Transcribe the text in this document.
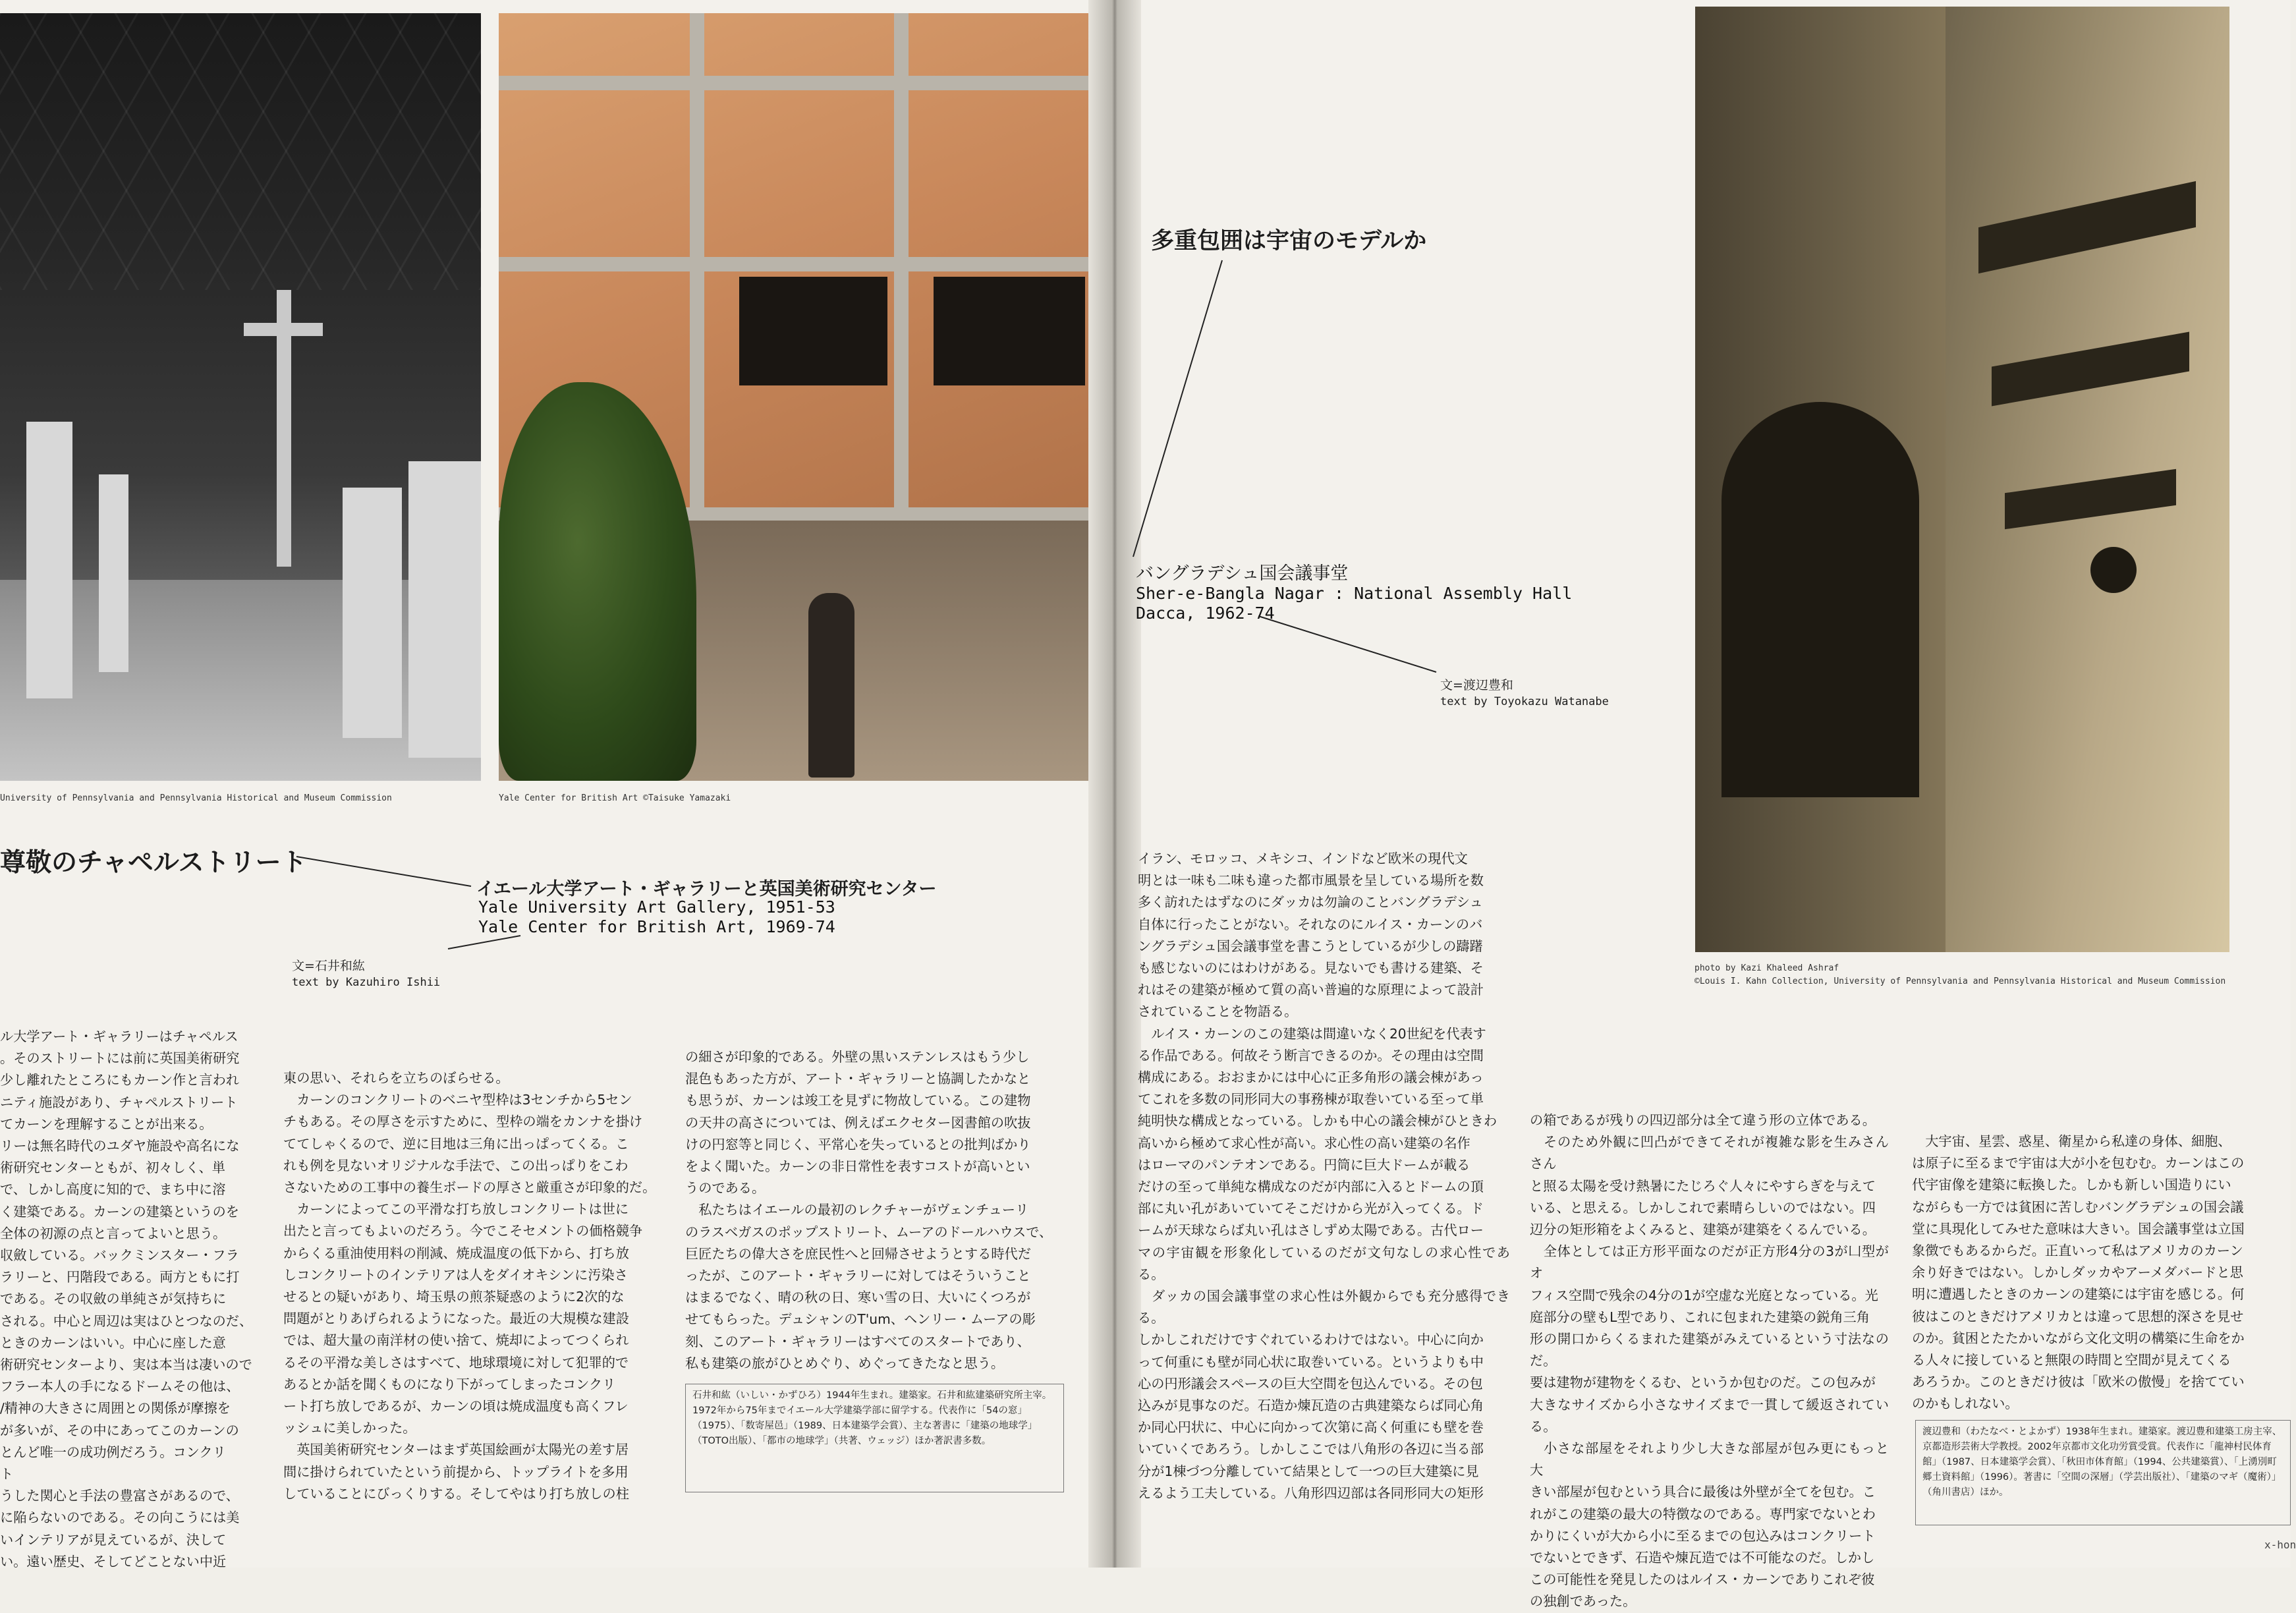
University of Pennsylvania and Pennsylvania Historical and Museum Commission	Yale Center for British Art ©Taisuke Yamazaki
尊敬のチャペルストリート
イエール大学アート・ギャラリーと英国美術研究センター
Yale University Art Gallery, 1951-53
Yale Center for British Art, 1969-74
文=石井和紘
text by Kazuhiro Ishii

ル大学アート・ギャラリーはチャペルス

。そのストリートには前に英国美術研究

少し離れたところにもカーン作と言われ

ニティ施設があり、チャペルストリート

てカーンを理解することが出来る。

リーは無名時代のユダヤ施設や高名にな

術研究センターともが、初々しく、単

で、しかし高度に知的で、まち中に溶

く建築である。カーンの建築というのを

全体の初源の点と言ってよいと思う。

収斂している。バックミンスター・フラ

ラリーと、円階段である。両方ともに打

である。その収斂の単純さが気持ちに

される。中心と周辺は実はひとつなのだ、

ときのカーンはいい。中心に座した意

術研究センターより、実は本当は凄いので

フラー本人の手になるドームその他は、

/精神の大きさに周囲との関係が摩擦を

が多いが、その中にあってこのカーンの

とんど唯一の成功例だろう。コンクリ

ト

うした関心と手法の豊富さがあるので、

に陥らないのである。その向こうには美

いインテリアが見えているが、決して

い。遠い歴史、そしてどことない中近

東の思い、それらを立ちのぼらせる。

　カーンのコンクリートのベニヤ型枠は3センチから5セン

チもある。その厚さを示すために、型枠の端をカンナを掛け

ててしゃくるので、逆に目地は三角に出っぱってくる。こ

れも例を見ないオリジナルな手法で、この出っぱりをこわ

さないための工事中の養生ボードの厚さと厳重さが印象的だ。

　カーンによってこの平滑な打ち放しコンクリートは世に

出たと言ってもよいのだろう。今でこそセメントの価格競争

からくる重油使用料の削減、焼成温度の低下から、打ち放

しコンクリートのインテリアは人をダイオキシンに汚染さ

せるとの疑いがあり、埼玉県の煎茶疑惑のように2次的な

問題がとりあげられるようになった。最近の大規模な建設

では、超大量の南洋材の使い捨て、焼却によってつくられ

るその平滑な美しさはすべて、地球環境に対して犯罪的で

あるとか話を聞くものになり下がってしまったコンクリ

ート打ち放しであるが、カーンの頃は焼成温度も高くフレ

ッシュに美しかった。

　英国美術研究センターはまず英国絵画が太陽光の差す居

間に掛けられていたという前提から、トップライトを多用

していることにびっくりする。そしてやはり打ち放しの柱

の細さが印象的である。外壁の黒いステンレスはもう少し

混色もあった方が、アート・ギャラリーと協調したかなと

も思うが、カーンは竣工を見ずに物故している。この建物

の天井の高さについては、例えばエクセター図書館の吹抜

けの円窓等と同じく、平常心を失っているとの批判ばかり

をよく聞いた。カーンの非日常性を表すコストが高いとい

うのである。

　私たちはイエールの最初のレクチャーがヴェンチューリ

のラスベガスのポップストリート、ムーアのドールハウスで、

巨匠たちの偉大さを庶民性へと回帰させようとする時代だ

ったが、このアート・ギャラリーに対してはそういうこと

はまるでなく、晴の秋の日、寒い雪の日、大いにくつろが

せてもらった。デュシャンのT'um、ヘンリー・ムーアの彫

刻、このアート・ギャラリーはすべてのスタートであり、

私も建築の旅がひとめぐり、めぐってきたなと思う。

石井和紘（いしい・かずひろ）1944年生まれ。建築家。石井和紘建築研究所主宰。1972年から75年までイエール大学建築学部に留学する。代表作に「54の窓」（1975）、「数寄屋邑」（1989、日本建築学会賞）、主な著書に「建築の地球学」（TOTO出版）、「都市の地球学」（共著、ウェッジ）ほか著訳書多数。
多重包囲は宇宙のモデルか
バングラデシュ国会議事堂
Sher-e-Bangla Nagar : National Assembly Hall
Dacca, 1962-74
文=渡辺豊和
text by Toyokazu Watanabe
photo by Kazi Khaleed Ashraf
©Louis I. Kahn Collection, University of Pennsylvania and Pennsylvania Historical and Museum Commission

イラン、モロッコ、メキシコ、インドなど欧米の現代文

明とは一味も二味も違った都市風景を呈している場所を数

多く訪れたはずなのにダッカは勿論のことバングラデシュ

自体に行ったことがない。それなのにルイス・カーンのバ

ングラデシュ国会議事堂を書こうとしているが少しの躊躇

も感じないのにはわけがある。見ないでも書ける建築、そ

れはその建築が極めて質の高い普遍的な原理によって設計

されていることを物語る。

　ルイス・カーンのこの建築は間違いなく20世紀を代表す

る作品である。何故そう断言できるのか。その理由は空間

構成にある。おおまかには中心に正多角形の議会棟があっ

てこれを多数の同形同大の事務棟が取巻いている至って単

純明快な構成となっている。しかも中心の議会棟がひときわ

高いから極めて求心性が高い。求心性の高い建築の名作

はローマのパンテオンである。円筒に巨大ドームが載る

だけの至って単純な構成なのだが内部に入るとドームの頂

部に丸い孔があいていてそこだけから光が入ってくる。ド

ームが天球ならば丸い孔はさしずめ太陽である。古代ロー

マの宇宙観を形象化しているのだが文句なしの求心性である。

　ダッカの国会議事堂の求心性は外観からでも充分感得できる。

しかしこれだけですぐれているわけではない。中心に向か

って何重にも壁が同心状に取巻いている。というよりも中

心の円形議会スペースの巨大空間を包込んでいる。その包

込みが見事なのだ。石造か煉瓦造の古典建築ならば同心角

か同心円状に、中心に向かって次第に高く何重にも壁を巻

いていくであろう。しかしここでは八角形の各辺に当る部

分が1棟づつ分離していて結果として一つの巨大建築に見

えるよう工夫している。八角形四辺部は各同形同大の矩形

の箱であるが残りの四辺部分は全て違う形の立体である。

　そのため外観に凹凸ができてそれが複雑な影を生みさんさん

と照る太陽を受け熱暑にたじろぐ人々にやすらぎを与えて

いる、と思える。しかしこれで素晴らしいのではない。四

辺分の矩形箱をよくみると、建築が建築をくるんでいる。

　全体としては正方形平面なのだが正方形4分の3が凵型がオ

フィス空間で残余の4分の1が空虚な光庭となっている。光

庭部分の壁もL型であり、これに包まれた建築の鋭角三角

形の開口からくるまれた建築がみえているという寸法なのだ。

要は建物が建物をくるむ、というか包むのだ。この包みが

大きなサイズから小さなサイズまで一貫して緩返されている。

　小さな部屋をそれより少し大きな部屋が包み更にもっと大

きい部屋が包むという具合に最後は外壁が全てを包む。こ

れがこの建築の最大の特徴なのである。専門家でないとわ

かりにくいが大から小に至るまでの包込みはコンクリート

でないとできず、石造や煉瓦造では不可能なのだ。しかし

この可能性を発見したのはルイス・カーンでありこれぞ彼

の独創であった。

　大宇宙、星雲、惑星、衛星から私達の身体、細胞、

は原子に至るまで宇宙は大が小を包むむ。カーンはこの

代宇宙像を建築に転換した。しかも新しい国造りにい

ながらも一方では貧困に苦しむバングラデシュの国会議

堂に具現化してみせた意味は大きい。国会議事堂は立国

象徴でもあるからだ。正直いって私はアメリカのカーン

余り好きではない。しかしダッカやアーメダバードと思

明に遭遇したときのカーンの建築には宇宙を感じる。何

彼はこのときだけアメリカとは違って思想的深さを見せ

のか。貧困とたたかいながら文化文明の構築に生命をか

る人々に接していると無限の時間と空間が見えてくる

あろうか。このときだけ彼は「欧米の傲慢」を捨ててい

のかもしれない。

渡辺豊和（わたなべ・とよかず）1938年生まれ。建築家。渡辺豊和建築工房主宰、京都造形芸術大学教授。2002年京都市文化功労賞受賞。代表作に「龍神村民体育館」（1987、日本建築学会賞）、「秋田市体育館」（1994、公共建築賞）、「上湧別町郷土資料館」（1996）。著書に「空間の深層」（学芸出版社）、「建築のマギ（魔術）」（角川書店）ほか。
x-hon
